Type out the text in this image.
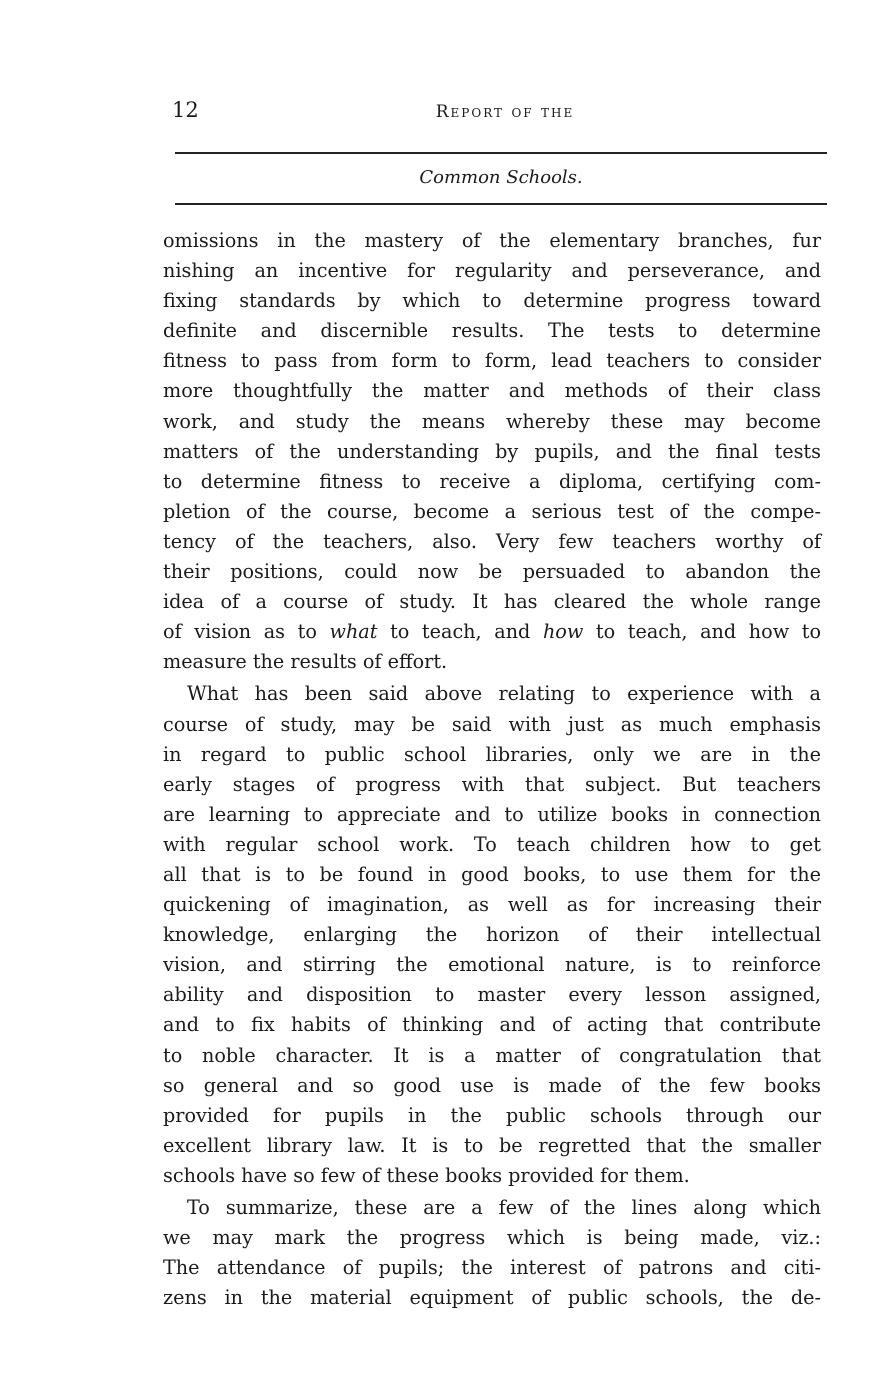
12	Report of the
Common Schools.
omissions in the mastery of the elementary branches, fur
nishing an incentive for regularity and perseverance, and
fixing standards by which to determine progress toward
definite and discernible results. The tests to determine
fitness to pass from form to form, lead teachers to consider
more thoughtfully the matter and methods of their class
work, and study the means whereby these may become
matters of the understanding by pupils, and the final tests
to determine fitness to receive a diploma, certifying com-
pletion of the course, become a serious test of the compe-
tency of the teachers, also. Very few teachers worthy of
their positions, could now be persuaded to abandon the
idea of a course of study. It has cleared the whole range
of vision as to what to teach, and how to teach, and how to
measure the results of effort.
What has been said above relating to experience with a
course of study, may be said with just as much emphasis
in regard to public school libraries, only we are in the
early stages of progress with that subject. But teachers
are learning to appreciate and to utilize books in connection
with regular school work. To teach children how to get
all that is to be found in good books, to use them for the
quickening of imagination, as well as for increasing their
knowledge, enlarging the horizon of their intellectual
vision, and stirring the emotional nature, is to reinforce
ability and disposition to master every lesson assigned,
and to fix habits of thinking and of acting that contribute
to noble character. It is a matter of congratulation that
so general and so good use is made of the few books
provided for pupils in the public schools through our
excellent library law. It is to be regretted that the smaller
schools have so few of these books provided for them.
To summarize, these are a few of the lines along which
we may mark the progress which is being made, viz.:
The attendance of pupils; the interest of patrons and citi-
zens in the material equipment of public schools, the de-
